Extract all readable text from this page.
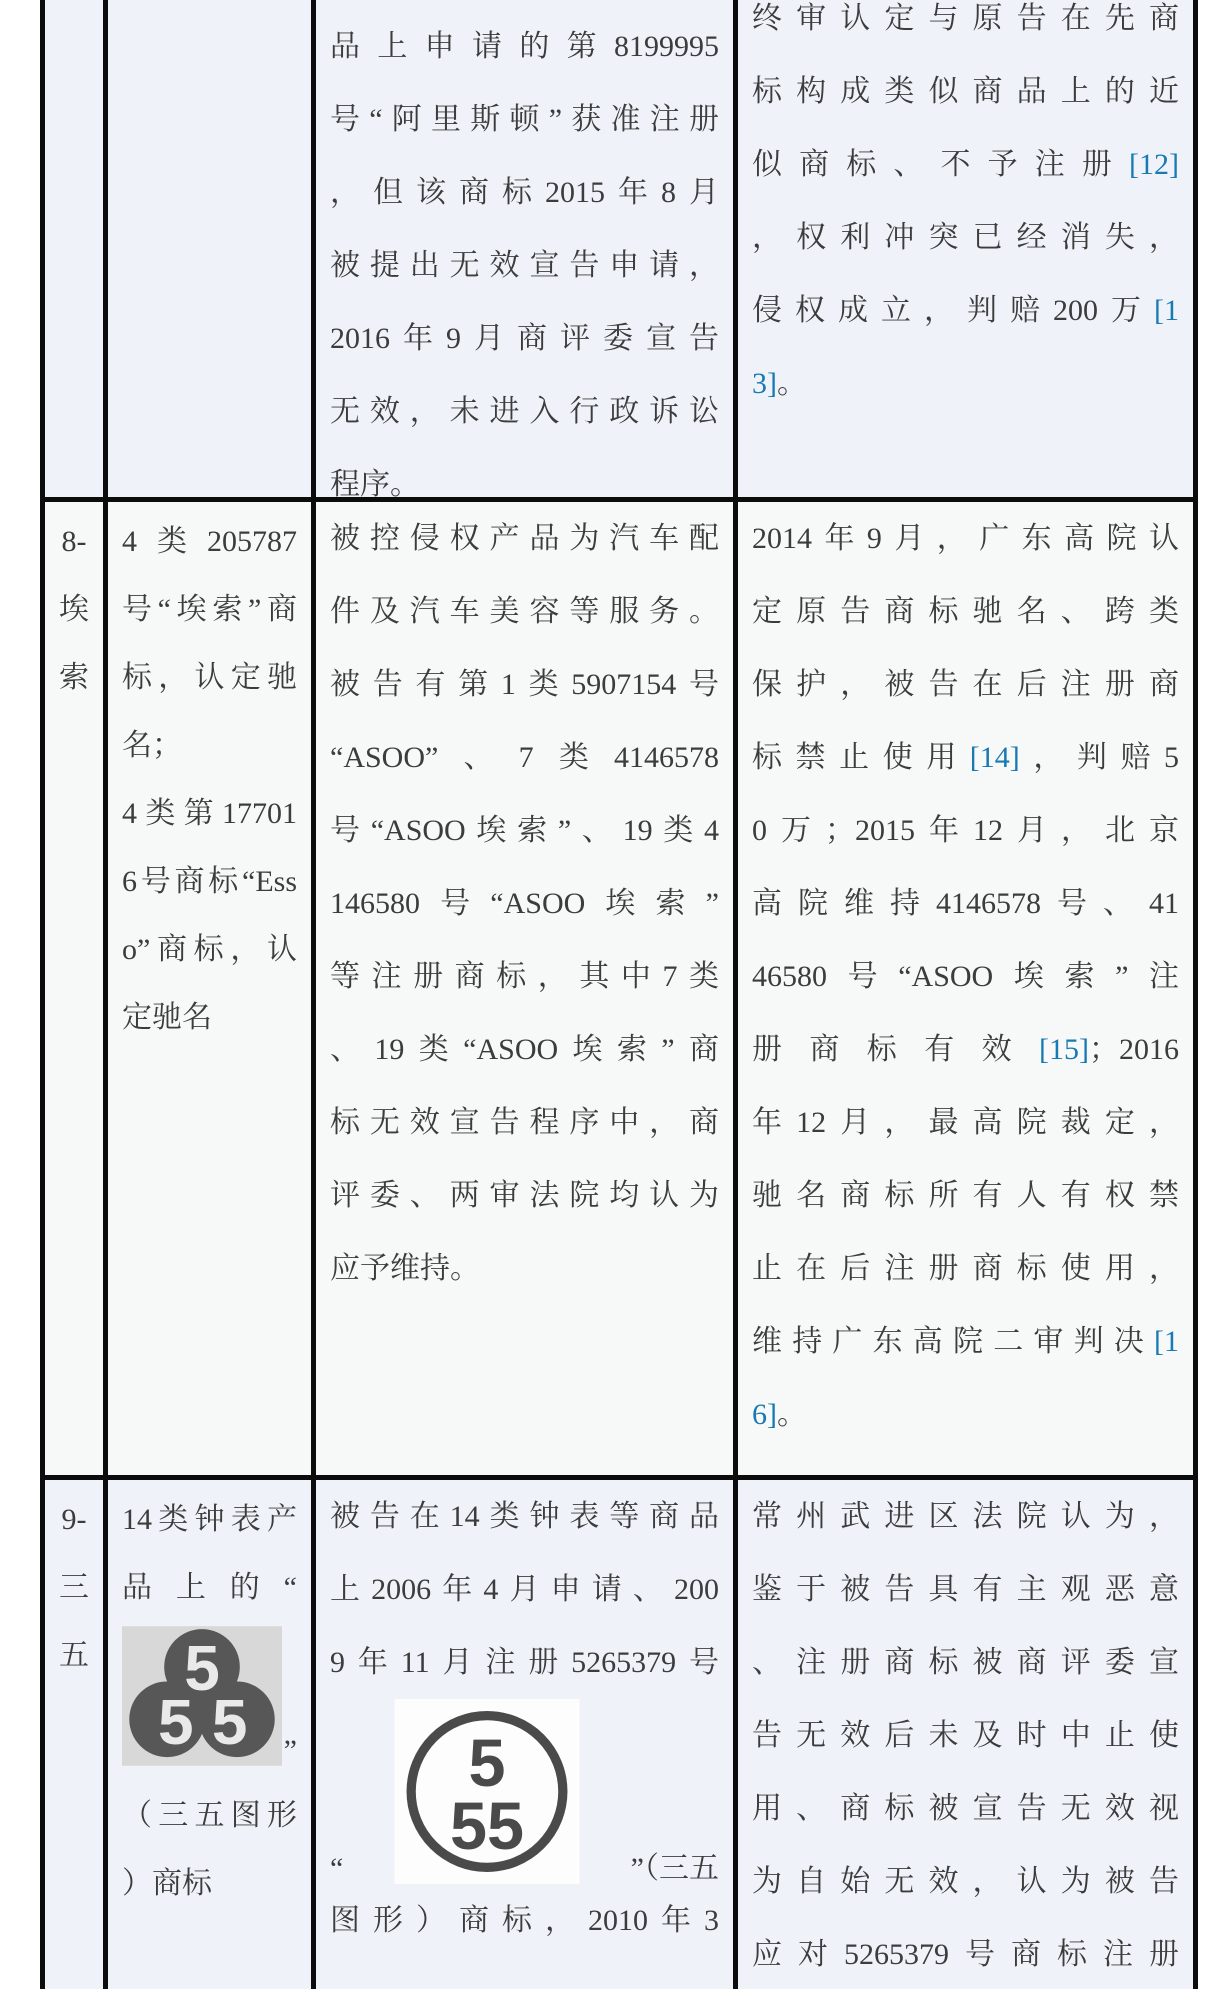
品上申请的第8199995
号“阿里斯顿”获准注册
，但该商标2015年8月
被提出无效宣告申请，
2016年9月商评委宣告
无效，未进入行政诉讼
程序。
终审认定与原告在先商
标构成类似商品上的近
似商标、不予注册[12]
，权利冲突已经消失，
侵权成立，判赔200万[1
3]。
8-
埃
索
4类205787
号“埃索”商
标，认定驰
名；
4类第17701
6号商标“Ess
o”商标，认
定驰名
被控侵权产品为汽车配
件及汽车美容等服务。
被告有第1类5907154号
“ASOO”、7类4146578
号“ASOO埃索”、19类4
146580号“ASOO埃索”
等注册商标，其中7类
、19类“ASOO埃索”商
标无效宣告程序中，商
评委、两审法院均认为
应予维持。
2014年9月，广东高院认
定原告商标驰名、跨类
保护，被告在后注册商
标禁止使用[14]，判赔5
0万；2015年12月，北京
高院维持4146578号、41
46580号“ASOO埃索”注
册商标有效[15]；2016
年12月，最高院裁定，
驰名商标所有人有权禁
止在后注册商标使用，
维持广东高院二审判决[1
6]。
9-
三
五
14类钟表产
品上的“
5
5 5 ”
（三五图形
）商标
被告在14类钟表等商品
上2006年4月申请、200
9年11月注册5265379号
“
5
55
”（三五
图形）商标，2010年3
常州武进区法院认为，
鉴于被告具有主观恶意
、注册商标被商评委宣
告无效后未及时中止使
用、商标被宣告无效视
为自始无效，认为被告
应对5265379号商标注册
